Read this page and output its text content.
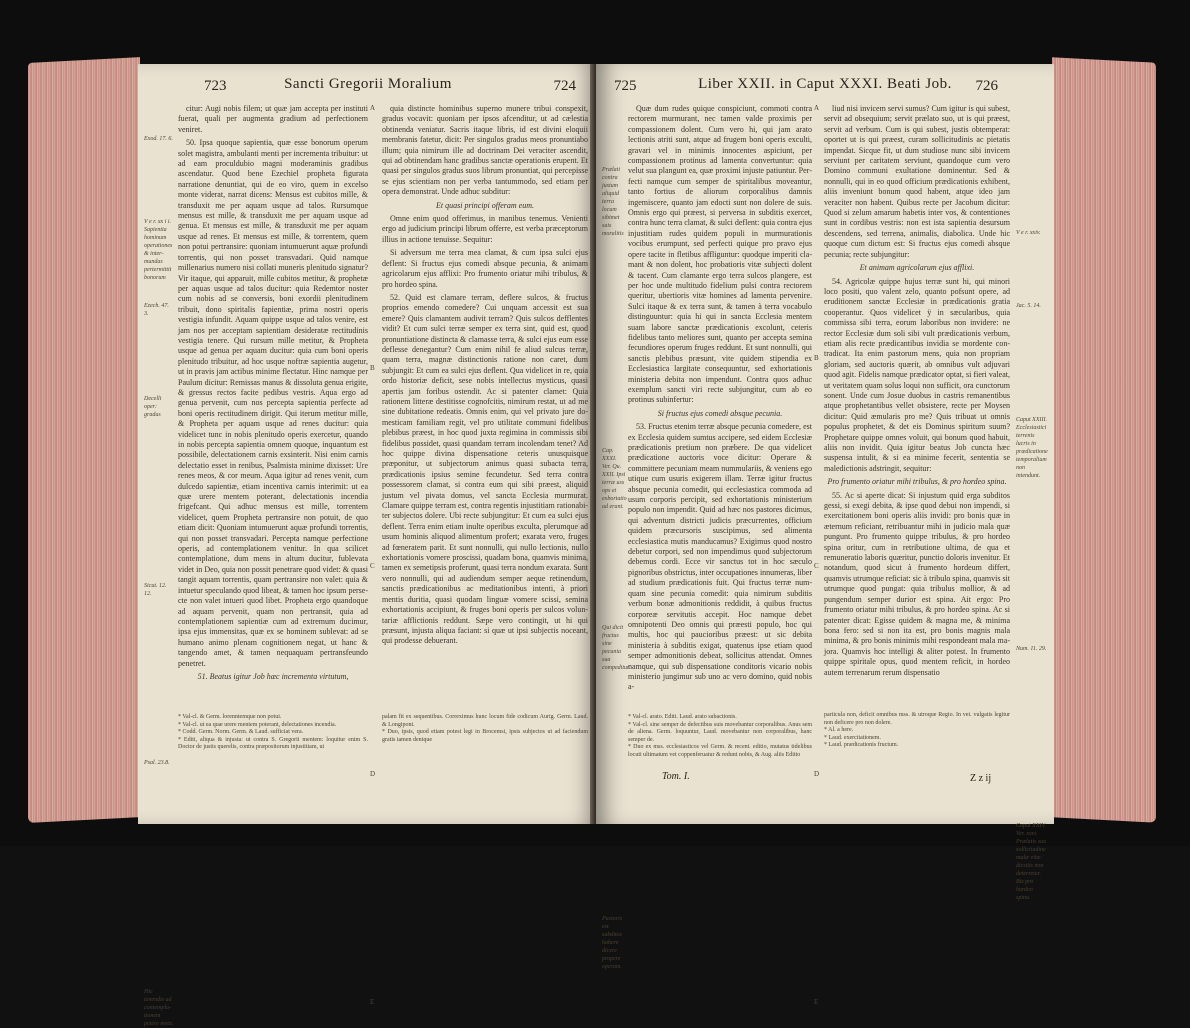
723	Sancti Gregorii Moralium	724
Exod. 17. 6.
V e r. xx i i. Sapientia hominum operationes & intermundas pertermittit bonorum
Ezech. 47. 3.
Decelli oper: gradus
Sicut. 12. 12.
Psal. 23.8.
Hic tenendis ad contemplationem petere meta.

citur: Augi nobis filem; ut quæ jam accepta per instituti fuerat, quali per augmenta gradium ad perfectionem veniret.

50. Ipsa quoque sapientia, quæ esse bonorum operum solet magistra, ambulanti menti per incrementa tribuitur: ut ad eam proculdubio magni moderaminis gradibus ascendatur. Quod bene Ezechiel propheta figurata narratione denuntiat, qui de eo viro, quem in excelso monte viderat, narrat dicens: Mensus est cubitos mille, & transduxit me per aquam usque ad talos. Rursumque mensus est mille, & transduxit me per aquam usque ad genua. Et mensus est mille, & transduxit me per aquam usque ad renes. Et mensus est mille, & torrentem, quem non potui pertransire: quoniam intumuerunt aquæ profundi torrentis, qui non posset transvadari. Quid namque millenarius numero nisi collati muneris plenitudo signatur? Vir itaque, qui apparuit, mille cubitos metitur, & prophetæ per aquas usque ad talos ducitur: quia Redemtor noster cum nobis ad se conversis, boni exordii plenitudinem tribuit, dono spiritalis fapientiæ, prima nostri operis vestigia infundit. Aquam quippe usque ad talos venire, est jam nos per acceptam sapientiam desideratæ rectitudinis vestigia tenere. Qui rursum mille metitur, & Propheta usque ad genua per aquam ducitur: quia cum boni operis plenitudo tribuitur, ad hoc usque noftræ sapientia augetur, ut in pravis jam actibus minime flectatur. Hinc namque per Paulum dicitur: Remissas manus & dissoluta genua erigite, & gressus rectos facite pedibus vestris. Aqua ergo ad genua pervenit, cum nos percepta sapientia perfecte ad boni operis rectitudinem dirigit. Qui iterum metitur mille, & Propheta per aquam usque ad renes ducitur: quia videlicet tunc in nobis plenitudo operis exercetur, quando in nobis percepta sapientia omnem quoque, inquantum est possibile, delectationem carnis exsinterit. Nisi enim carnis delectatio esset in renibus, Psalmista minime dixisset: Ure renes meos, & cor meum. Aqua igitur ad renes venit, cum dulcedo sapientiæ, etiam incentiva carnis interimit: ut ea quæ urere mentem poterant, delectationis incendia frigefcant. Qui adhuc mensus est mille, torrentem videlicet, quem Propheta pertransire non potuit, de quo etiam dicit: Quoniam intumuerunt aquæ profundi torrentis, qui non posset transvadari. Percepta namque perfectione operis, ad contemplationem venitur. In qua scilicet contemplatione, dum mens in altum ducitur, fublevata videt in Deo, quia non possit penetrare quod videt: & quasi tangit aquam torrentis, quam pertransire non valet: quia & intuetur speculando quod libeat, & tamen hoc ipsum persecte non valet intueri quod libet. Propheta ergo quandoque ad aquam pervenit, quam non pertransit, quia ad contemplationem sapientiæ cum ad extremum ducimur, ipsa ejus immensitas, quæ ex se hominem sublevat: ad se humano animo plenam cognitionem negat, ut hanc & tangendo amet, & tamen nequaquam pertransfeundo penetret.

51. Beatus igitur Job hæc incrementa virtutum,

A
B
C
D
E

quia distincte hominibus superno munere tribui conspexit, gradus vocavit: quoniam per ipsos afcenditur, ut ad cælestia obtinenda veniatur. Sacris itaque libris, id est divini eloquii membranis fatetur, dicit: Per singulos gradus meos pronuntiabo illum; quia nimirum ille ad doctrinam Dei veraciter ascendit, qui ad obtinendam hanc gradibus sanctæ operationis erupent. Et quasi per singulos gradus suos librum pronuntiat, qui percepisse se ejus scientiam non per verba tantummodo, sed etiam per opera demonstrat. Unde adhuc subditur:

Et quasi principi offeram eum.

Omne enim quod offerimus, in manibus tenemus. Venienti ergo ad judicium principi librum offerre, est verba præceptorum illius in actione tenuisse. Sequitur:

Si adversum me terra mea clamat, & cum ipsa sulci ejus deflent: Si fructus ejus comedi absque pecunia, & animam agricolarum ejus afflixi: Pro frumento oriatur mihi tribulus, & pro hordeo spina.

52. Quid est clamare terram, deflere sulcos, & fructus proprios emendo comedere? Cui unquam accessit est sua emere? Quis clamantem audivit terram? Quis sulcos defflentes vidit? Et cum sulci terræ semper ex terra sint, quid est, quod pronuntiatione distincta & clamasse terra, & sulci ejus eum esse deflesse denegantur? Cum enim nihil fe aliud sulcus terræ, quam terra, magnæ distinctionis ratione non caret, dum subjungit: Et cum ea sulci ejus deflent. Qua videlicet in re, quia ordo historiæ deficit, sese nobis intellectus mysticus, quasi apertis jam foribus ostendit. Ac si patenter clamet: Quia rationem litteræ destitisse cognofcitis, nimirum restat, ut ad me sine dubitatione redeatis. Omnis enim, qui vel privato jure domesticam familiam regit, vel pro utilitate communi fidelibus plebibus præest, in hoc quod juxta regimina in commissis sibi fidelibus possidet, quasi quandam terram incolendam tenet? Ad hoc quippe divina dispensatione ceteris unusquisque præponitur, ut subjectorum animus quasi subacta terra, prædicationis ipsius semine fecundetur. Sed terra contra possessorem clamat, si contra eum qui sibi præest, aliquid justum vel pivata domus, vel sancta Ecclesia murmurat. Clamare quippe terram est, contra regentis injustitiam rationabiter subjectos dolere. Ubi recte subjungitur: Et cum ea sulci ejus deflent. Terra enim etiam inulte operibus exculta, plerumque ad usum hominis aliquod alimentum profert; exarata vero, fruges ad fœneratem parit. Et sunt nonnulli, qui nullo lectionis, nullo exhortationis vomere proscissi, quadam bona, quamvis minima, tamen ex semetipsis proferunt, quasi terra nondum exarata. Sunt vero nonnulli, qui ad audiendum semper aeque retinendum, sanctis prædicationibus ac meditationibus intenti, à priori mentis duritia, quasi quodam linguæ vomere scissi, semina exhortationis accipiunt, & fruges boni operis per sulcos voluntariæ afflictionis reddunt. Sæpe vero contingit, ut hi qui præsunt, injusta aliqua faciant: si quæ ut ipsi subjectis noceant, qui prodesse debuerant.

* Val-cl. & Germ. lorenntemque non potui.
* Val-cl. ut ea quæ urere mentem poterant, delectationes incendia.
* Codd. Germ. Norm. Germ. & Laud. sufficiat vera.
* Editi, aliqua & injusta: ut contra S. Gregorii mentem: loquitur enim S. Doctor de justis querelis, contra præpositorum injustitiam, ut
palam fit ex sequentibus. Correximus hunc locum fide codicum Aurig. Germ. Laud. & Longipont.
* Duo, ipsis, quod etiam potest legi in Brocemsi, ipsis subjectos ut ad faciendum gratis tamen denique
725	Liber XXII. in Caput XXXI. Beati Job.	726
Prælati contra justum aliquid terra locum sibimet suis moralitis
Cap. XXXI. Ver. Qu. XXII. Ipsi terræ uss ops et exbortatio ad erant.
Qui dicit fructus sine pecunia sua compeditur.
Pastoris est subditos habere dicere propere operam.

Quæ dum rudes quique conspiciunt, commoti contra rectorem murmurant, nec tamen valde proximis per compassionem dolent. Cum vero hi, qui jam arato lectionis atriti sunt, atque ad frugem boni operis exculti, gravari vel in minimis innocentes aspiciunt, per compassionem protinus ad lamenta convertuntur: quia velut sua plangunt ea, quæ proximi injuste patiuntur. Perfecti namque cum semper de spiritalibus moveantur, tanto fortius de aliorum corporalibus damnis ingemiscere, quanto jam edocti sunt non dolere de suis. Omnis ergo qui præest, si perversa in subditis exercet, contra hunc terra clamat, & sulci deflent: quia contra ejus injustitiam rudes quidem populi in murmurationis vocibus erumpunt, sed perfecti quique pro pravo ejus opere tacite in fletibus affliguntur: quodque imperiti clamant & non dolent, hoc probatioris vitæ subjecti dolent & tacent. Cum clamante ergo terra sulcos plangere, est per hoc unde multitudo fidelium pulsi contra rectorem queritur, ubertioris vitæ homines ad lamenta pervenire. Sulci itaque & ex terra sunt, & tamen à terra vocabulo distinguuntur: quia hi qui in sancta Ecclesia mentem suam labore sanctæ prædicationis excolunt, ceteris fidelibus tanto meliores sunt, quanto per accepta semina fecundiores operum fruges reddunt. Et sunt nonnulli, qui sanctis plebibus præsunt, vite quidem stipendia ex Ecclesiastica largitate consequuntur, sed exhortationis ministeria debita non impendunt. Contra quos adhuc exemplum sancti viri recte subjungitur, cum ab eo protinus subinfertur:

Si fructus ejus comedi absque pecunia.

53. Fructus etenim terræ absque pecunia comedere, est ex Ecclesia quidem sumtus accipere, sed eidem Ecclesiæ prædicationis pretium non præbere. De qua videlicet prædicatione auctoris voce dicitur: Operare & committere pecuniam meam nummulariis, & veniens ego utique cum usuris exigerem illam. Terræ igitur fructus absque pecunia comedit, qui ecclesiastica commoda ad usum corporis percipit, sed exhortationis ministerium populo non impendit. Quid ad hæc nos pastores dicimus, qui adventum districti judicis præcurrentes, officium quidem præcursoris suscipimus, sed alimenta ecclesiastica mutis manducamus? Exigimus quod nostro debetur corpori, sed non impendimus quod subjectorum debemus cordi. Ecce vir sanctus tot in hoc sæculo pignoribus obstrictus, inter occupationes innumeras, liber ad studium prædicationis fuit. Qui fructus terræ numquam sine pecunia comedit: quia nimirum subditis verbum bonæ admonitionis reddidit, à quibus fructus corporeæ servitutis accepit. Hoc namque debet omnipotenti Deo omnis qui præesti populo, hoc qui multis, hoc qui paucioribus præest: ut sic debita ministeria à subditis exigat, quatenus ipse etiam quod semper admonitionis debeat, sollicitus attendat. Omnes namque, qui sub dispensatione conditoris vicario nobis ministerio jungimur sub uno ac vero domino, quid nobis a-

A
B
C
D
E

liud nisi invicem servi sumus? Cum igitur is qui subest, servit ad obsequium; servit prælato suo, ut is qui præest, servit ad verbum. Cum is qui subest, justis obtemperat: oportet ut is qui præest, curam sollicitudinis ac pietatis impendat. Sicque fit, ut dum studiose nunc sibi invicem serviunt per caritatem serviunt, quandoque cum vero Domino communi exultatione dominentur. Sed & nonnulli, qui in eo quod officium prædicationis exhibent, aliis inveniunt bonum quod habent, atque ideo jam veraciter non habent. Quibus recte per Jacobum dicitur: Quod si zelum amarum habetis inter vos, & contentiones sunt in cordibus vestris: non est ista sapientia desursum descendens, sed terrena, animalis, diabolica. Unde hic quoque cum dictum est: Si fructus ejus comedi absque pecunia; recte subjungitur:

Et animam agricolarum ejus afflixi.

54. Agricolæ quippe hujus terræ sunt hi, qui minori loco positi, quo valent zelo, quanto pofsunt opere, ad eruditionem sanctæ Ecclesiæ in prædicationis gratia cooperantur. Quos videlicet ÿ in sæcularibus, quia commissa sibi terra, eorum laboribus non invidere: ne rector Ecclesiæ dum soli sibi vult prædicationis verbum, etiam alis recte prædicantibus invidia se mordente contradicat. Ita enim pastorum mens, quia non propriam gloriam, sed auctoris quærit, ab omnibus vult adjuvari quod agit. Fidelis namque prædicator optat, si fieri valeat, ut veritatem quam solus loqui non sufficit, ora cunctorum sonent. Unde cum Josue duobus in castris remanentibus atque prophetantibus vellet obsistere, recte per Moysen dicitur: Quid æmularis pro me? Quis tribuat ut omnis populus prophetet, & det eis Dominus spiritum suum? Prophetare quippe omnes voluit, qui bonum quod habuit, aliis non invidit. Quia igitur beatus Job cuncta hæc suspensa intulit, & si ea minime fecerit, sententia se maledictionis adstringit, sequitur:

Pro frumento oriatur mihi tribulus, & pro hordeo spina.

55. Ac si aperte dicat: Si injustum quid erga subditos gessi, si exegi debita, & ipse quod debui non impendi, si exercitationem boni operis aliis invidi: pro bonis quæ in æternum reficiant, retribuantur mihi in judicio mala quæ pungunt. Pro frumento quippe tribulus, & pro hordeo spina oritur, cum in retributione ultima, de qua et remuneratio laboris quæritur, punctio doloris invenitur. Et notandum, quod sicut à frumento hordeum differt, quamvis utrumque reficiat: sic à tribulo spina, quamvis sit utrumque quod pungat: quia tribulus mollior, & ad pungendum semper durior est spina. Ait ergo: Pro frumento oriatur mihi tribulus, & pro hordeo spina. Ac si patenter dicat: Egisse quidem & magna me, & minima bona fero: sed si non ita est, pro bonis magnis mala minima, & pro bonis minimis mihi respondeant mala majora. Quamvis hoc intelligi & aliter potest. In frumento quippe spiritale opus, quod mentem reficit, in hordeo autem terrenarum rerum dispensatio

V e r. xxiv.
Jac. 5. 14.
Caput XXIII. Ecclesiastici terrenis lucris in prædicatione temporalium non intendunt.
Num. 11. 29.
Caput XXIV. Ver. xxvi. Prælatis sua sollicitudine malæ vitæ dicsiiis non deterretur. Bis pro hordeo spina.
* Val-cl. arato. Editi. Laud. arato subactionis.
* Val-cl. sine semper de defectibus suis movebantur corporalibus. Anus sem de aliena. Germ. loquuntur, Laud. movebantur non corporalibus, hanc semper de.
* Duo ex mss. ecclesiasticos vel Germ. & recent. editio, mutatus tidelibus locuti ultimatum vet coppenferuatur & redunt nobis, & Aug. aliis Editio
particula non, deficit omnibus mss. & utroque Regio. In vet. vulgatis legitur non deficere pro non dolere.
* Al. a here.
* Laud. exercitationem.
* Laud. prædicationis fructum.
Tom. I.	Z z ij
